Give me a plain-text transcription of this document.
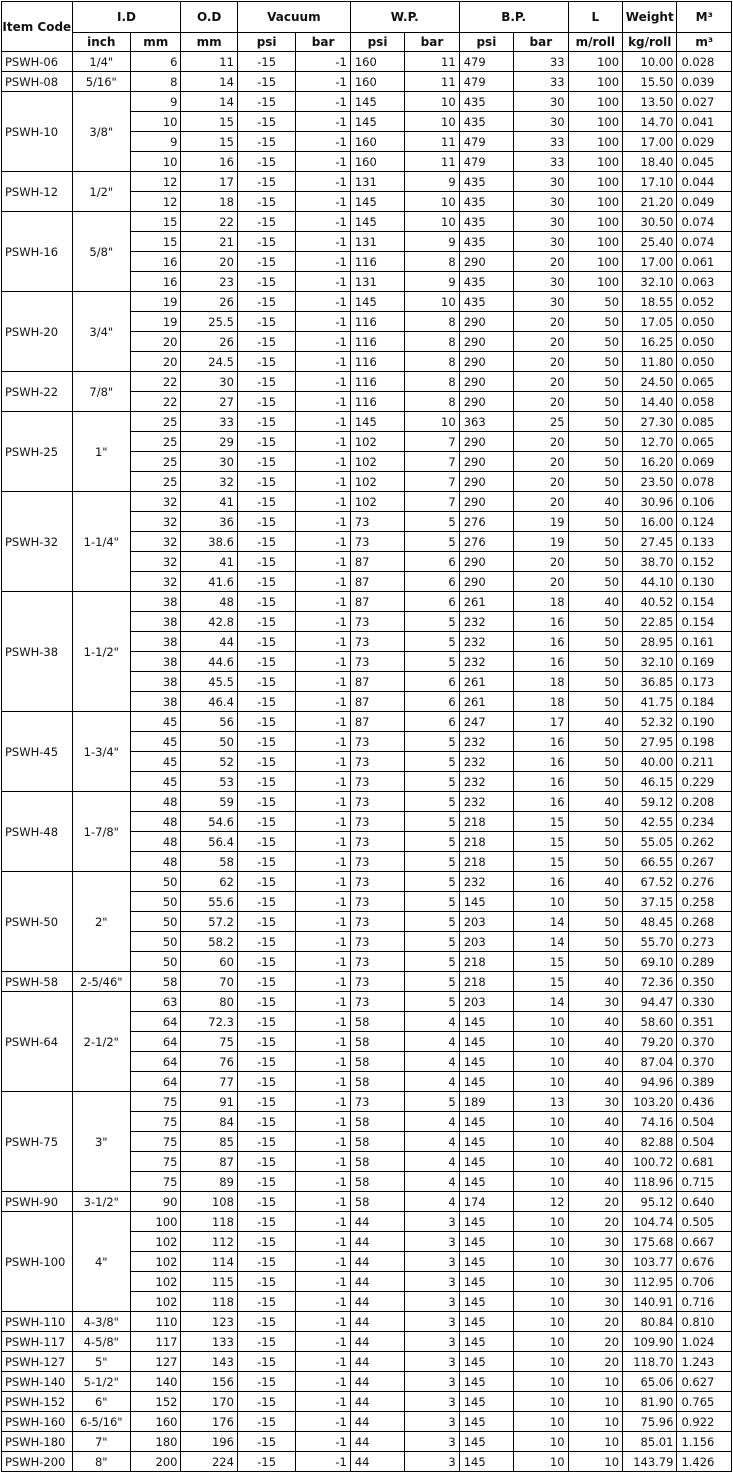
Item Code	I.D		O.D	Vacuum		W.P.		B.P.		L	Weight	M³
	inch	mm	mm	psi	bar	psi	bar	psi	bar	m/roll	kg/roll	m³
PSWH-06	1/4"	6	11	-15	-1	160	11	479	33	100	10.00	0.028
PSWH-08	5/16"	8	14	-15	-1	160	11	479	33	100	15.50	0.039
PSWH-10	3/8"	9	14	-15	-1	145	10	435	30	100	13.50	0.027
		10	15	-15	-1	145	10	435	30	100	14.70	0.041
		9	15	-15	-1	160	11	479	33	100	17.00	0.029
		10	16	-15	-1	160	11	479	33	100	18.40	0.045
PSWH-12	1/2"	12	17	-15	-1	131	9	435	30	100	17.10	0.044
		12	18	-15	-1	145	10	435	30	100	21.20	0.049
PSWH-16	5/8"	15	22	-15	-1	145	10	435	30	100	30.50	0.074
		15	21	-15	-1	131	9	435	30	100	25.40	0.074
		16	20	-15	-1	116	8	290	20	100	17.00	0.061
		16	23	-15	-1	131	9	435	30	100	32.10	0.063
PSWH-20	3/4"	19	26	-15	-1	145	10	435	30	50	18.55	0.052
		19	25.5	-15	-1	116	8	290	20	50	17.05	0.050
		20	26	-15	-1	116	8	290	20	50	16.25	0.050
		20	24.5	-15	-1	116	8	290	20	50	11.80	0.050
PSWH-22	7/8"	22	30	-15	-1	116	8	290	20	50	24.50	0.065
		22	27	-15	-1	116	8	290	20	50	14.40	0.058
PSWH-25	1"	25	33	-15	-1	145	10	363	25	50	27.30	0.085
		25	29	-15	-1	102	7	290	20	50	12.70	0.065
		25	30	-15	-1	102	7	290	20	50	16.20	0.069
		25	32	-15	-1	102	7	290	20	50	23.50	0.078
PSWH-32	1-1/4"	32	41	-15	-1	102	7	290	20	40	30.96	0.106
		32	36	-15	-1	73	5	276	19	50	16.00	0.124
		32	38.6	-15	-1	73	5	276	19	50	27.45	0.133
		32	41	-15	-1	87	6	290	20	50	38.70	0.152
		32	41.6	-15	-1	87	6	290	20	50	44.10	0.130
PSWH-38	1-1/2"	38	48	-15	-1	87	6	261	18	40	40.52	0.154
		38	42.8	-15	-1	73	5	232	16	50	22.85	0.154
		38	44	-15	-1	73	5	232	16	50	28.95	0.161
		38	44.6	-15	-1	73	5	232	16	50	32.10	0.169
		38	45.5	-15	-1	87	6	261	18	50	36.85	0.173
		38	46.4	-15	-1	87	6	261	18	50	41.75	0.184
PSWH-45	1-3/4"	45	56	-15	-1	87	6	247	17	40	52.32	0.190
		45	50	-15	-1	73	5	232	16	50	27.95	0.198
		45	52	-15	-1	73	5	232	16	50	40.00	0.211
		45	53	-15	-1	73	5	232	16	50	46.15	0.229
PSWH-48	1-7/8"	48	59	-15	-1	73	5	232	16	40	59.12	0.208
		48	54.6	-15	-1	73	5	218	15	50	42.55	0.234
		48	56.4	-15	-1	73	5	218	15	50	55.05	0.262
		48	58	-15	-1	73	5	218	15	50	66.55	0.267
PSWH-50	2"	50	62	-15	-1	73	5	232	16	40	67.52	0.276
		50	55.6	-15	-1	73	5	145	10	50	37.15	0.258
		50	57.2	-15	-1	73	5	203	14	50	48.45	0.268
		50	58.2	-15	-1	73	5	203	14	50	55.70	0.273
		50	60	-15	-1	73	5	218	15	50	69.10	0.289
PSWH-58	2-5/46"	58	70	-15	-1	73	5	218	15	40	72.36	0.350
PSWH-64	2-1/2"	63	80	-15	-1	73	5	203	14	30	94.47	0.330
		64	72.3	-15	-1	58	4	145	10	40	58.60	0.351
		64	75	-15	-1	58	4	145	10	40	79.20	0.370
		64	76	-15	-1	58	4	145	10	40	87.04	0.370
		64	77	-15	-1	58	4	145	10	40	94.96	0.389
PSWH-75	3"	75	91	-15	-1	73	5	189	13	30	103.20	0.436
		75	84	-15	-1	58	4	145	10	40	74.16	0.504
		75	85	-15	-1	58	4	145	10	40	82.88	0.504
		75	87	-15	-1	58	4	145	10	40	100.72	0.681
		75	89	-15	-1	58	4	145	10	40	118.96	0.715
PSWH-90	3-1/2"	90	108	-15	-1	58	4	174	12	20	95.12	0.640
PSWH-100	4"	100	118	-15	-1	44	3	145	10	20	104.74	0.505
		102	112	-15	-1	44	3	145	10	30	175.68	0.667
		102	114	-15	-1	44	3	145	10	30	103.77	0.676
		102	115	-15	-1	44	3	145	10	30	112.95	0.706
		102	118	-15	-1	44	3	145	10	30	140.91	0.716
PSWH-110	4-3/8"	110	123	-15	-1	44	3	145	10	20	80.84	0.810
PSWH-117	4-5/8"	117	133	-15	-1	44	3	145	10	20	109.90	1.024
PSWH-127	5"	127	143	-15	-1	44	3	145	10	20	118.70	1.243
PSWH-140	5-1/2"	140	156	-15	-1	44	3	145	10	10	65.06	0.627
PSWH-152	6"	152	170	-15	-1	44	3	145	10	10	81.90	0.765
PSWH-160	6-5/16"	160	176	-15	-1	44	3	145	10	10	75.96	0.922
PSWH-180	7"	180	196	-15	-1	44	3	145	10	10	85.01	1.156
PSWH-200	8"	200	224	-15	-1	44	3	145	10	10	143.79	1.426
